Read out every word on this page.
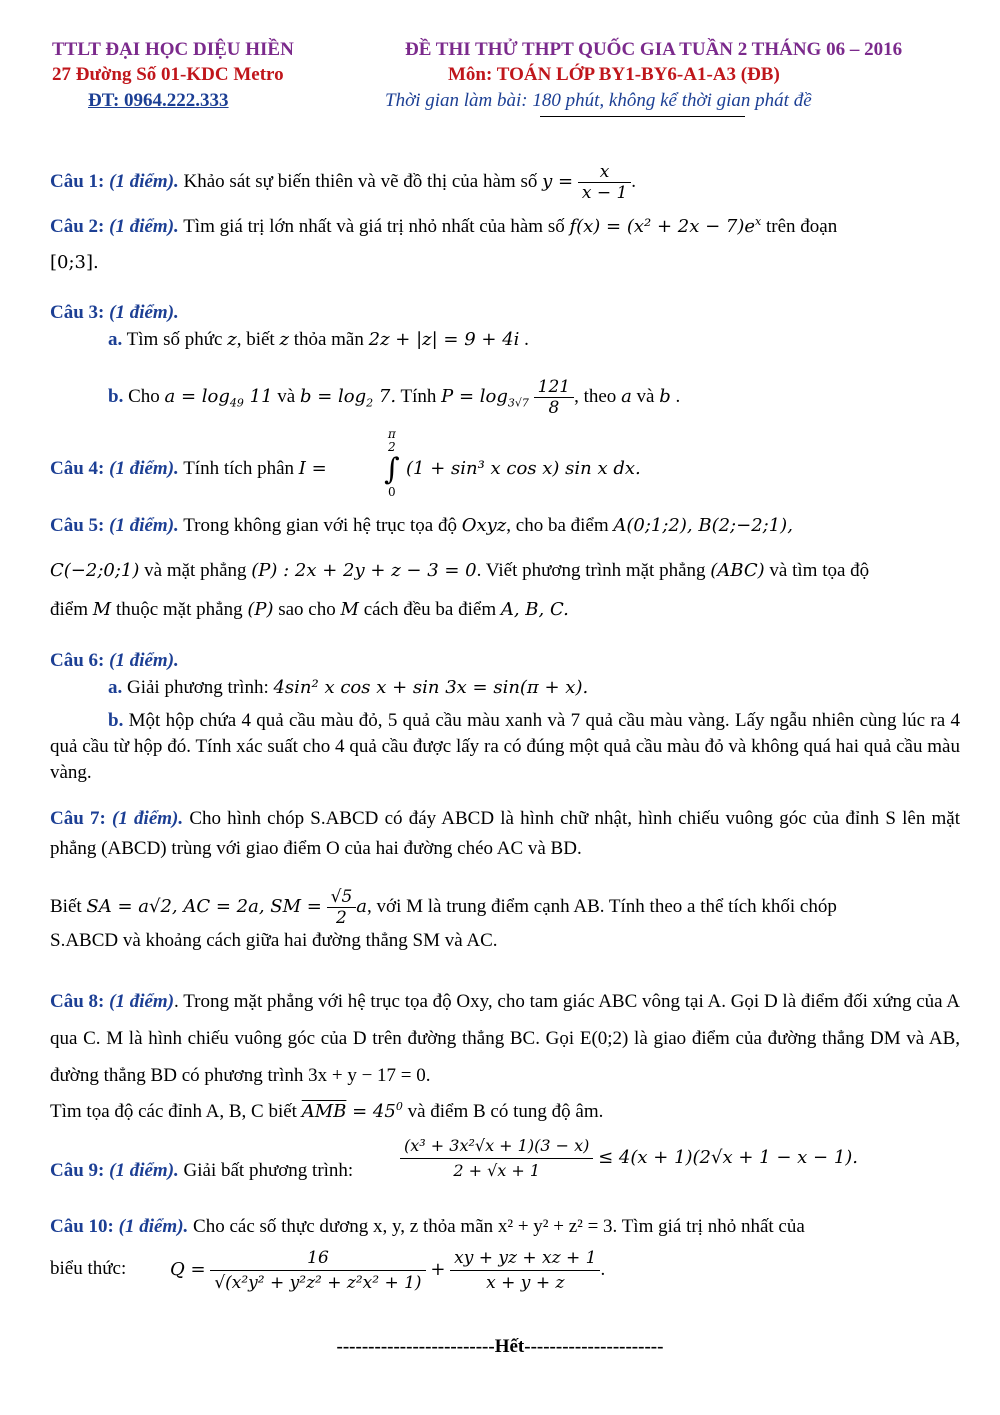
TTLT ĐẠI HỌC DIỆU HIỀN
27 Đường Số 01-KDC Metro
ĐT: 0964.222.333
ĐỀ THI THỬ THPT QUỐC GIA TUẦN 2 THÁNG 06 – 2016
Môn: TOÁN LỚP BY1-BY6-A1-A3 (ĐB)
Thời gian làm bài: 180 phút, không kể thời gian phát đề
Câu 1: (1 điểm). Khảo sát sự biến thiên và vẽ đồ thị của hàm số $y = \frac{x}{x - 1}$ .
Câu 2: (1 điểm). Tìm giá trị lớn nhất và giá trị nhỏ nhất của hàm số $f(x) = (x^2 + 2x - 7)e^x$ trên đoạn
[0;3].
Câu 3: (1 điểm).
a. Tìm số phức z, biết z thỏa mãn 2z + |z| = 9 + 4i .
b. Cho $a = \log_{49} 11$ và $b = \log_2 7$. Tính $P = \log_{3√7} \frac{121}{8}$ , theo a và b .
Câu 4: (1 điểm). Tính tích phân I =
π
2
∫
0
(1 + sin³ x cos x) sin x dx.
Câu 5: (1 điểm). Trong không gian với hệ trục tọa độ Oxyz, cho ba điểm A(0;1;2), B(2;−2;1),
C(−2;0;1) và mặt phẳng (P) : 2x + 2y + z − 3 = 0. Viết phương trình mặt phẳng (ABC) và tìm tọa độ
điểm M thuộc mặt phẳng (P) sao cho M cách đều ba điểm A, B, C.
Câu 6: (1 điểm).
a. Giải phương trình: 4sin² x cos x + sin 3x = sin(π + x).
b. Một hộp chứa 4 quả cầu màu đỏ, 5 quả cầu màu xanh và 7 quả cầu màu vàng. Lấy ngẫu nhiên cùng lúc ra 4 quả cầu từ hộp đó. Tính xác suất cho 4 quả cầu được lấy ra có đúng một quả cầu màu đỏ và không quá hai quả cầu màu vàng.
Câu 7: (1 điểm). Cho hình chóp S.ABCD có đáy ABCD là hình chữ nhật, hình chiếu vuông góc của đỉnh S lên mặt phẳng (ABCD) trùng với giao điểm O của hai đường chéo AC và BD.
Biết SA = a√2, AC = 2a, SM = $\frac{√5}{2} a$, với M là trung điểm cạnh AB. Tính theo a thể tích khối chóp
S.ABCD và khoảng cách giữa hai đường thẳng SM và AC.
Câu 8: (1 điểm). Trong mặt phẳng với hệ trục tọa độ Oxy, cho tam giác ABC vông tại A. Gọi D là điểm đối xứng của A qua C. M là hình chiếu vuông góc của D trên đường thẳng BC. Gọi E(0;2) là giao điểm của đường thẳng DM và AB, đường thẳng BD có phương trình 3x + y − 17 = 0.
Tìm tọa độ các đỉnh A, B, C biết $\overline{AMB} = 45^0$ và điểm B có tung độ âm.
Câu 9: (1 điểm). Giải bất phương trình:	$\frac{\text{(x³ + 3x²√x + 1)(3 − x)}}{2 + √x + 1} \le 4(x + 1)(2√x + 1 - x - 1)$.
Câu 10: (1 điểm). Cho các số thực dương x, y, z thỏa mãn x² + y² + z² = 3. Tìm giá trị nhỏ nhất của
biểu thức: $Q = \frac{16}{\text{√(x²y² + y²z² + z²x² + 1)}} + \frac{xy + yz + xz + 1}{x + y + z}$ .
-------------------------Hết----------------------
